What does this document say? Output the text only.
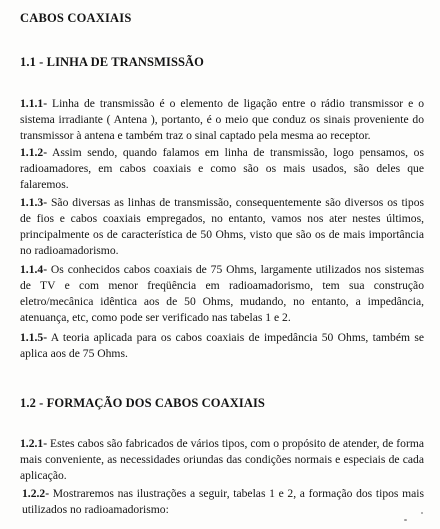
CABOS COAXIAIS
1.1 - LINHA DE TRANSMISSÃO

1.1.1- Linha de transmissão é o elemento de ligação entre o rádio transmissor e o sistema irradiante ( Antena ), portanto, é o meio que conduz os sinais proveniente do transmissor à antena e também traz o sinal captado pela mesma ao receptor.

1.1.2- Assim sendo, quando falamos em linha de transmissão, logo pensamos, os radioamadores, em cabos coaxiais e como são os mais usados, são deles que falaremos.

1.1.3- São diversas as linhas de transmissão, consequentemente são diversos os tipos de fios e cabos coaxiais empregados, no entanto, vamos nos ater nestes últimos, principalmente os de característica de 50 Ohms, visto que são os de mais importância no radioamadorismo.

1.1.4- Os conhecidos cabos coaxiais de 75 Ohms, largamente utilizados nos sistemas de TV e com menor freqüência em radioamadorismo, tem sua construção eletro/mecânica idêntica aos de 50 Ohms, mudando, no entanto, a impedância, atenuança, etc, como pode ser verificado nas tabelas 1 e 2.

1.1.5- A teoria aplicada para os cabos coaxiais de impedância 50 Ohms, também se aplica aos de 75 Ohms.

1.2 - FORMAÇÃO DOS CABOS COAXIAIS

1.2.1- Estes cabos são fabricados de vários tipos, com o propósito de atender, de forma mais conveniente, as necessidades oriundas das condições normais e especiais de cada aplicação.

1.2.2- Mostraremos nas ilustrações a seguir, tabelas 1 e 2, a formação dos tipos mais utilizados no radioamadorismo:
